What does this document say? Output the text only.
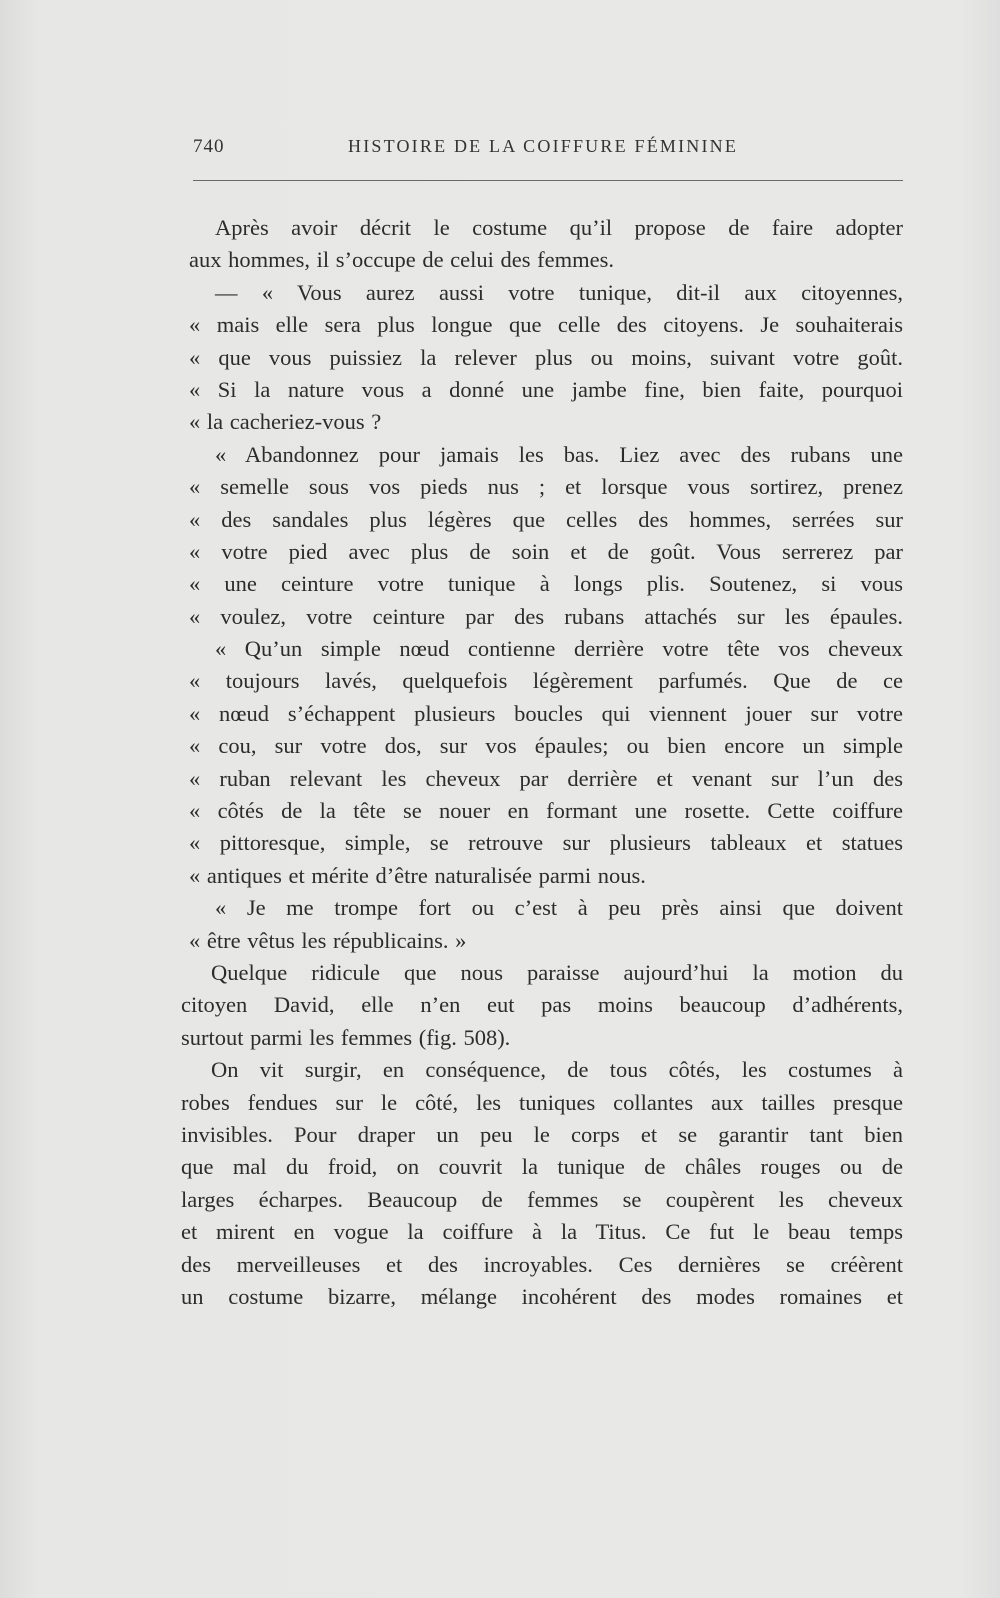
740	HISTOIRE DE LA COIFFURE FÉMININE
Après avoir décrit le costume qu’il propose de faire adopter
aux hommes, il s’occupe de celui des femmes.
— « Vous aurez aussi votre tunique, dit-il aux citoyennes,
« mais elle sera plus longue que celle des citoyens. Je souhaiterais
« que vous puissiez la relever plus ou moins, suivant votre goût.
« Si la nature vous a donné une jambe fine, bien faite, pourquoi
« la cacheriez-vous ?
« Abandonnez pour jamais les bas. Liez avec des rubans une
« semelle sous vos pieds nus ; et lorsque vous sortirez, prenez
« des sandales plus légères que celles des hommes, serrées sur
« votre pied avec plus de soin et de goût. Vous serrerez par
« une ceinture votre tunique à longs plis. Soutenez, si vous
« voulez, votre ceinture par des rubans attachés sur les épaules.
« Qu’un simple nœud contienne derrière votre tête vos cheveux
« toujours lavés, quelquefois légèrement parfumés. Que de ce
« nœud s’échappent plusieurs boucles qui viennent jouer sur votre
« cou, sur votre dos, sur vos épaules; ou bien encore un simple
« ruban relevant les cheveux par derrière et venant sur l’un des
« côtés de la tête se nouer en formant une rosette. Cette coiffure
« pittoresque, simple, se retrouve sur plusieurs tableaux et statues
« antiques et mérite d’être naturalisée parmi nous.
« Je me trompe fort ou c’est à peu près ainsi que doivent
« être vêtus les républicains. »
Quelque ridicule que nous paraisse aujourd’hui la motion du
citoyen David, elle n’en eut pas moins beaucoup d’adhérents,
surtout parmi les femmes (fig. 508).
On vit surgir, en conséquence, de tous côtés, les costumes à
robes fendues sur le côté, les tuniques collantes aux tailles presque
invisibles. Pour draper un peu le corps et se garantir tant bien
que mal du froid, on couvrit la tunique de châles rouges ou de
larges écharpes. Beaucoup de femmes se coupèrent les cheveux
et mirent en vogue la coiffure à la Titus. Ce fut le beau temps
des merveilleuses et des incroyables. Ces dernières se créèrent
un costume bizarre, mélange incohérent des modes romaines et
